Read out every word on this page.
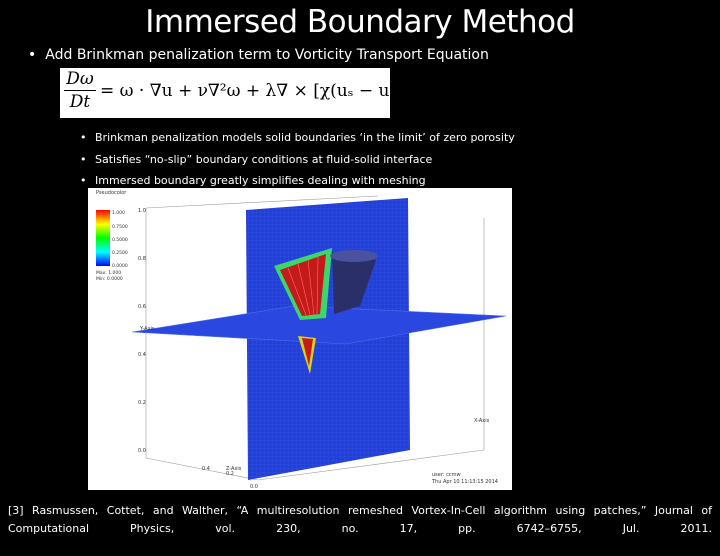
Immersed Boundary Method
• Add Brinkman penalization term to Vorticity Transport Equation
Dω
Dt
= ω · ∇u + ν∇²ω + λ∇ × [χ(uₛ − u)]
• Brinkman penalization models solid boundaries ‘in the limit’ of zero porosity
• Satisfies “no-slip” boundary conditions at fluid-solid interface
• Immersed boundary greatly simplifies dealing with meshing
Pseudocolor
1.000
0.7500
0.5000
0.2500
0.0000
Max: 1.000
Min: 0.0000
1.0
0.8
0.6
0.4
0.2
0.0
0.4
0.2
0.0
Y-Axis
X-Axis
Z-Axis
user: ccmw
Thu Apr 10 11:13:15 2014
[3] Rasmussen, Cottet, and Walther, “A multiresolution remeshed Vortex-In-Cell algorithm using patches,” Journal of Computational Physics, vol. 230, no. 17, pp. 6742–6755, Jul. 2011.
